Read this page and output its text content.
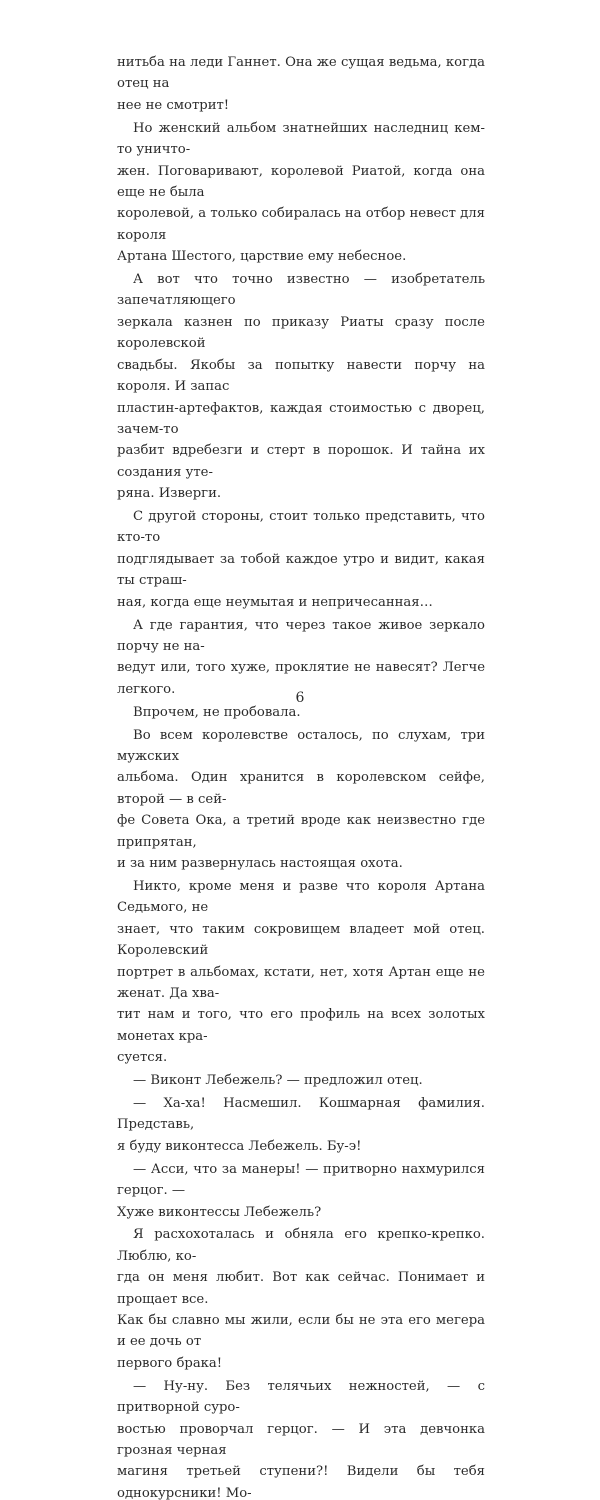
нитьба на леди Ганнет. Она же сущая ведьма, когда отец на
нее не смотрит!

Но женский альбом знатнейших наследниц кем-то уничто-
жен. Поговаривают, королевой Риатой, когда она еще не была
королевой, а только собиралась на отбор невест для короля
Артана Шестого, царствие ему небесное.

А вот что точно известно — изобретатель запечатляющего
зеркала казнен по приказу Риаты сразу после королевской
свадьбы. Якобы за попытку навести порчу на короля. И запас
пластин-артефактов, каждая стоимостью с дворец, зачем-то
разбит вдребезги и стерт в порошок. И тайна их создания уте-
ряна. Изверги.

С другой стороны, стоит только представить, что кто-то
подглядывает за тобой каждое утро и видит, какая ты страш-
ная, когда еще неумытая и непричесанная…

А где гарантия, что через такое живое зеркало порчу не на-
ведут или, того хуже, проклятие не навесят? Легче легкого.

Впрочем, не пробовала.

Во всем королевстве осталось, по слухам, три мужских
альбома. Один хранится в королевском сейфе, второй — в сей-
фе Совета Ока, а третий вроде как неизвестно где припрятан,
и за ним развернулась настоящая охота.

Никто, кроме меня и разве что короля Артана Седьмого, не
знает, что таким сокровищем владеет мой отец. Королевский
портрет в альбомах, кстати, нет, хотя Артан еще не женат. Да хва-
тит нам и того, что его профиль на всех золотых монетах кра-
суется.

— Виконт Лебежель? — предложил отец.

— Ха-ха! Насмешил. Кошмарная фамилия. Представь,
я буду виконтесса Лебежель. Бу-э!

— Асси, что за манеры! — притворно нахмурился герцог. —
Хуже виконтессы Лебежель?

Я расхохоталась и обняла его крепко-крепко. Люблю, ко-
гда он меня любит. Вот как сейчас. Понимает и прощает все.
Как бы славно мы жили, если бы не эта его мегера и ее дочь от
первого брака!

— Ну-ну. Без телячьих нежностей, — с притворной суро-
востью проворчал герцог. — И эта девчонка грозная черная
магиня третьей ступени?! Видели бы тебя однокурсники! Мо-

6
